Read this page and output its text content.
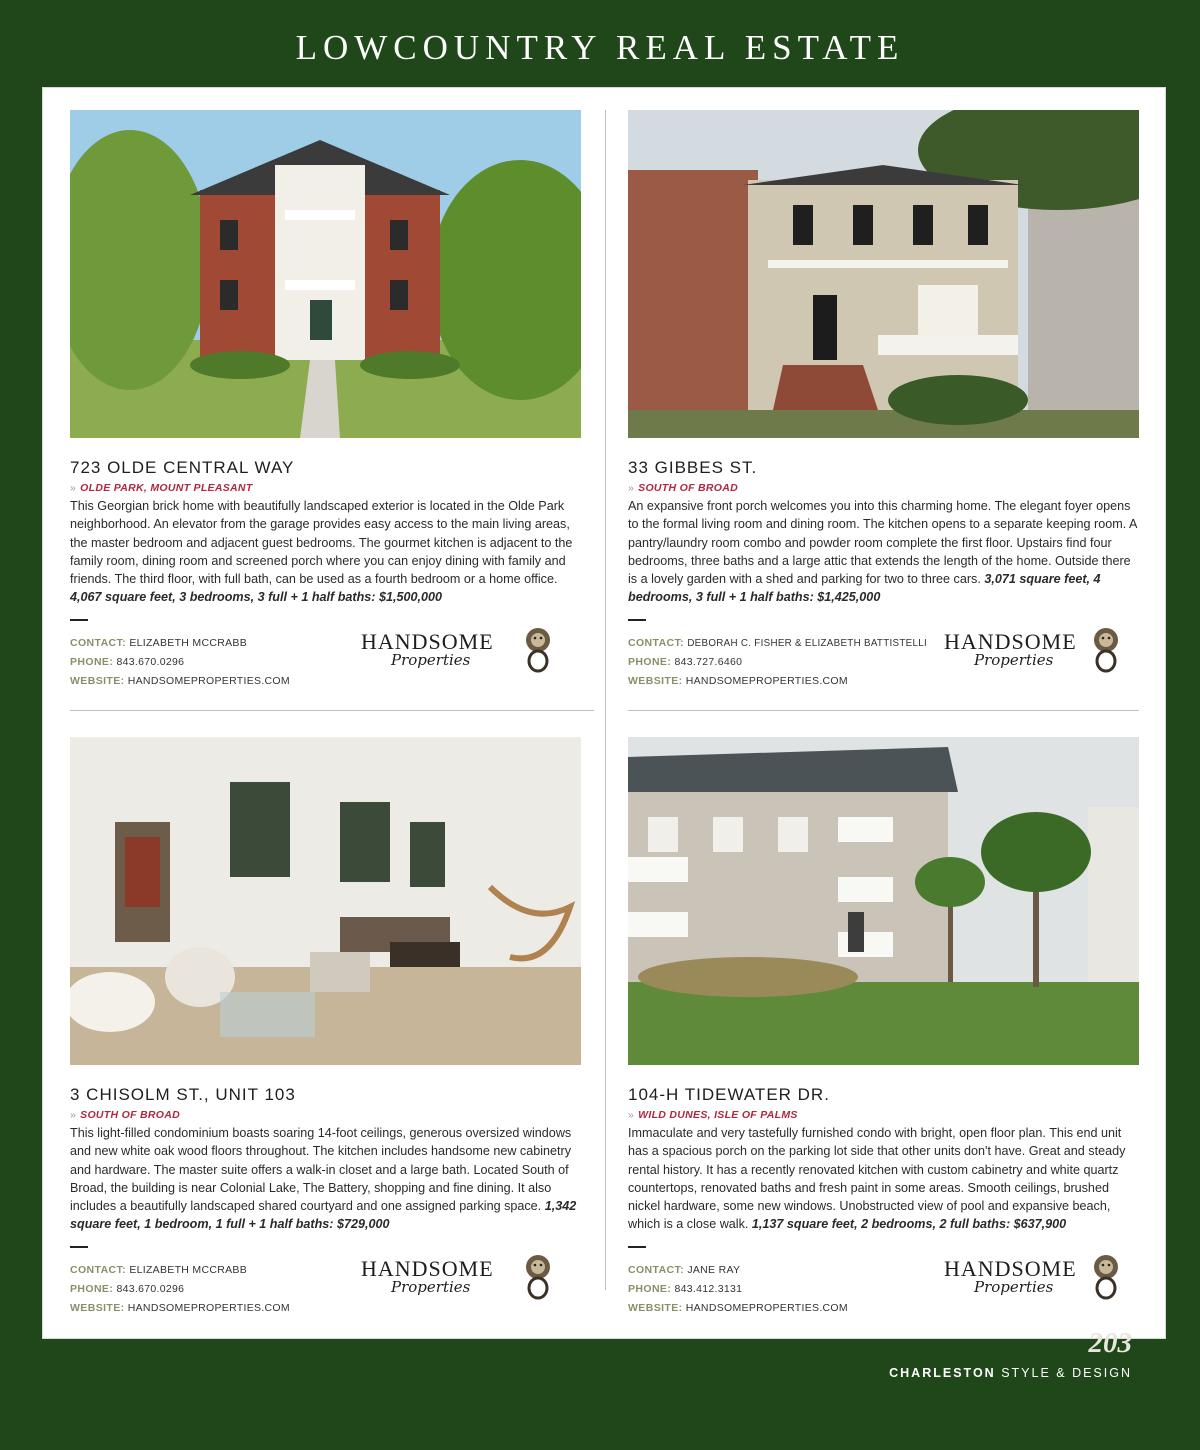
LOWCOUNTRY REAL ESTATE
723 OLDE CENTRAL WAY
» OLDE PARK, MOUNT PLEASANT
This Georgian brick home with beautifully landscaped exterior is located in the Olde Park neighborhood. An elevator from the garage provides easy access to the main living areas, the master bedroom and adjacent guest bedrooms. The gourmet kitchen is adjacent to the family room, dining room and screened porch where you can enjoy dining with family and friends. The third floor, with full bath, can be used as a fourth bedroom or a home office. 4,067 square feet, 3 bedrooms, 3 full + 1 half baths: $1,500,000
CONTACT: ELIZABETH MCCRABB
PHONE: 843.670.0296
WEBSITE: HANDSOMEPROPERTIES.COM
HANDSOME
Properties
33 GIBBES ST.
» SOUTH OF BROAD
An expansive front porch welcomes you into this charming home. The elegant foyer opens to the formal living room and dining room. The kitchen opens to a separate keeping room. A pantry/laundry room combo and powder room complete the first floor. Upstairs find four bedrooms, three baths and a large attic that extends the length of the home. Outside there is a lovely garden with a shed and parking for two to three cars. 3,071 square feet, 4 bedrooms, 3 full + 1 half baths: $1,425,000
CONTACT: DEBORAH C. FISHER & ELIZABETH BATTISTELLI
PHONE: 843.727.6460
WEBSITE: HANDSOMEPROPERTIES.COM
HANDSOME
Properties
3 CHISOLM ST., UNIT 103
» SOUTH OF BROAD
This light-filled condominium boasts soaring 14-foot ceilings, generous oversized windows and new white oak wood floors throughout. The kitchen includes handsome new cabinetry and hardware. The master suite offers a walk-in closet and a large bath. Located South of Broad, the building is near Colonial Lake, The Battery, shopping and fine dining. It also includes a beautifully landscaped shared courtyard and one assigned parking space. 1,342 square feet, 1 bedroom, 1 full + 1 half baths: $729,000
CONTACT: ELIZABETH MCCRABB
PHONE: 843.670.0296
WEBSITE: HANDSOMEPROPERTIES.COM
HANDSOME
Properties
104-H TIDEWATER DR.
» WILD DUNES, ISLE OF PALMS
Immaculate and very tastefully furnished condo with bright, open floor plan. This end unit has a spacious porch on the parking lot side that other units don't have. Great and steady rental history. It has a recently renovated kitchen with custom cabinetry and white quartz countertops, renovated baths and fresh paint in some areas. Smooth ceilings, brushed nickel hardware, some new windows. Unobstructed view of pool and expansive beach, which is a close walk. 1,137 square feet, 2 bedrooms, 2 full baths: $637,900
CONTACT: JANE RAY
PHONE: 843.412.3131
WEBSITE: HANDSOMEPROPERTIES.COM
HANDSOME
Properties
203
CHARLESTON STYLE & DESIGN
